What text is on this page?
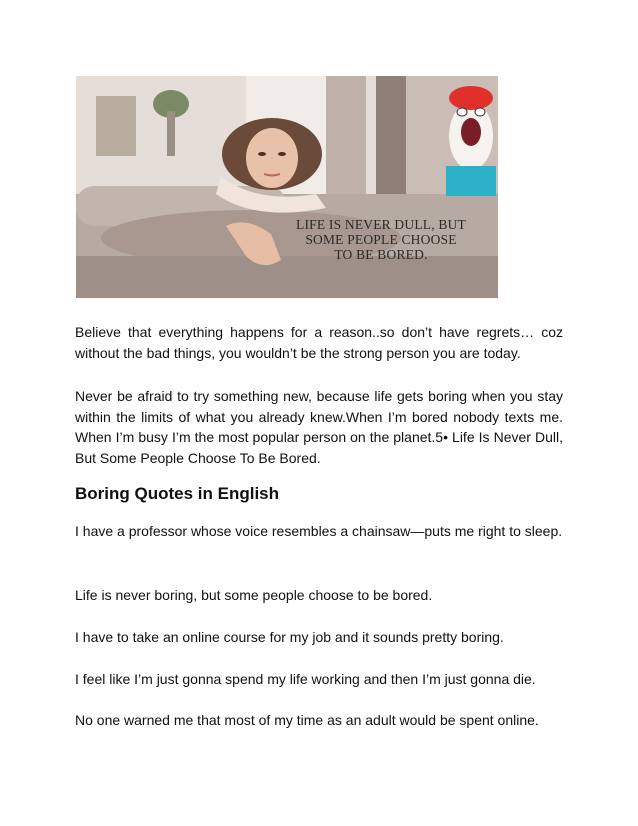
LIFE IS NEVER DULL, BUT
SOME PEOPLE CHOOSE
TO BE BORED.

Believe that everything happens for a reason..so don’t have regrets… coz without the bad things, you wouldn’t be the strong person you are today.

Never be afraid to try something new, because life gets boring when you stay within the limits of what you already knew.When I’m bored nobody texts me. When I’m busy I’m the most popular person on the planet.5• Life Is Never Dull, But Some People Choose To Be Bored.

Boring Quotes in English

I have a professor whose voice resembles a chainsaw—puts me right to sleep.

Life is never boring, but some people choose to be bored.

I have to take an online course for my job and it sounds pretty boring.

I feel like I’m just gonna spend my life working and then I’m just gonna die.

No one warned me that most of my time as an adult would be spent online.
